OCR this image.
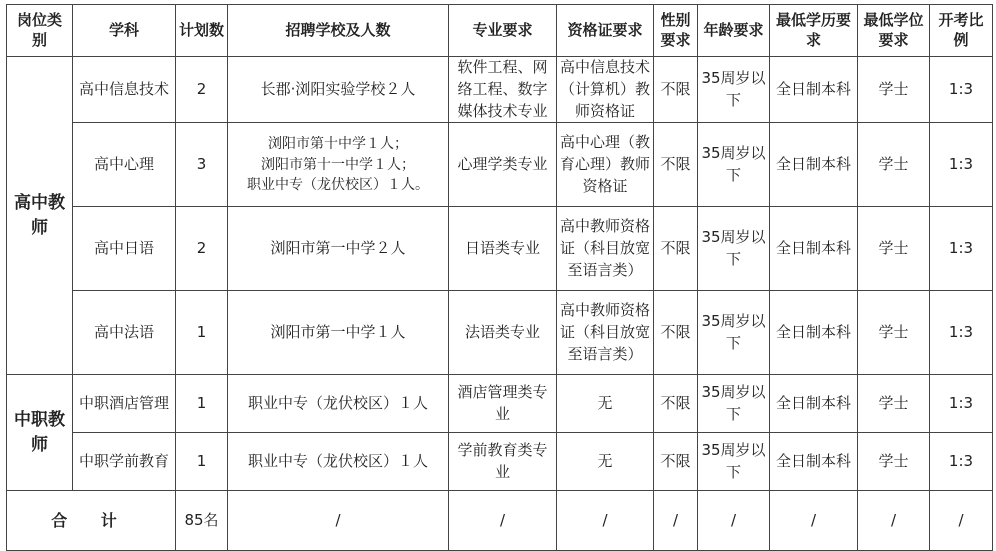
岗位类别	学科	计划数	招聘学校及人数	专业要求	资格证要求	性别要求	年龄要求	最低学历要求	最低学位要求	开考比例
高中教师	高中信息技术	2	长郡·浏阳实验学校２人	软件工程、网络工程、数字媒体技术专业	高中信息技术（计算机）教师资格证	不限	35周岁以下	全日制本科	学士	1:3
	高中心理	3	浏阳市第十中学１人；
浏阳市第十一中学１人；
职业中专（龙伏校区）１人。	心理学类专业	高中心理（教育心理）教师资格证	不限	35周岁以下	全日制本科	学士	1:3
	高中日语	2	浏阳市第一中学２人	日语类专业	高中教师资格证（科目放宽至语言类）	不限	35周岁以下	全日制本科	学士	1:3
	高中法语	1	浏阳市第一中学１人	法语类专业	高中教师资格证（科目放宽至语言类）	不限	35周岁以下	全日制本科	学士	1:3
中职教师	中职酒店管理	1	职业中专（龙伏校区）１人	酒店管理类专业	无	不限	35周岁以下	全日制本科	学士	1:3
	中职学前教育	1	职业中专（龙伏校区）１人	学前教育类专业	无	不限	35周岁以下	全日制本科	学士	1:3
合 计		85名	/	/	/	/	/	/	/	/
